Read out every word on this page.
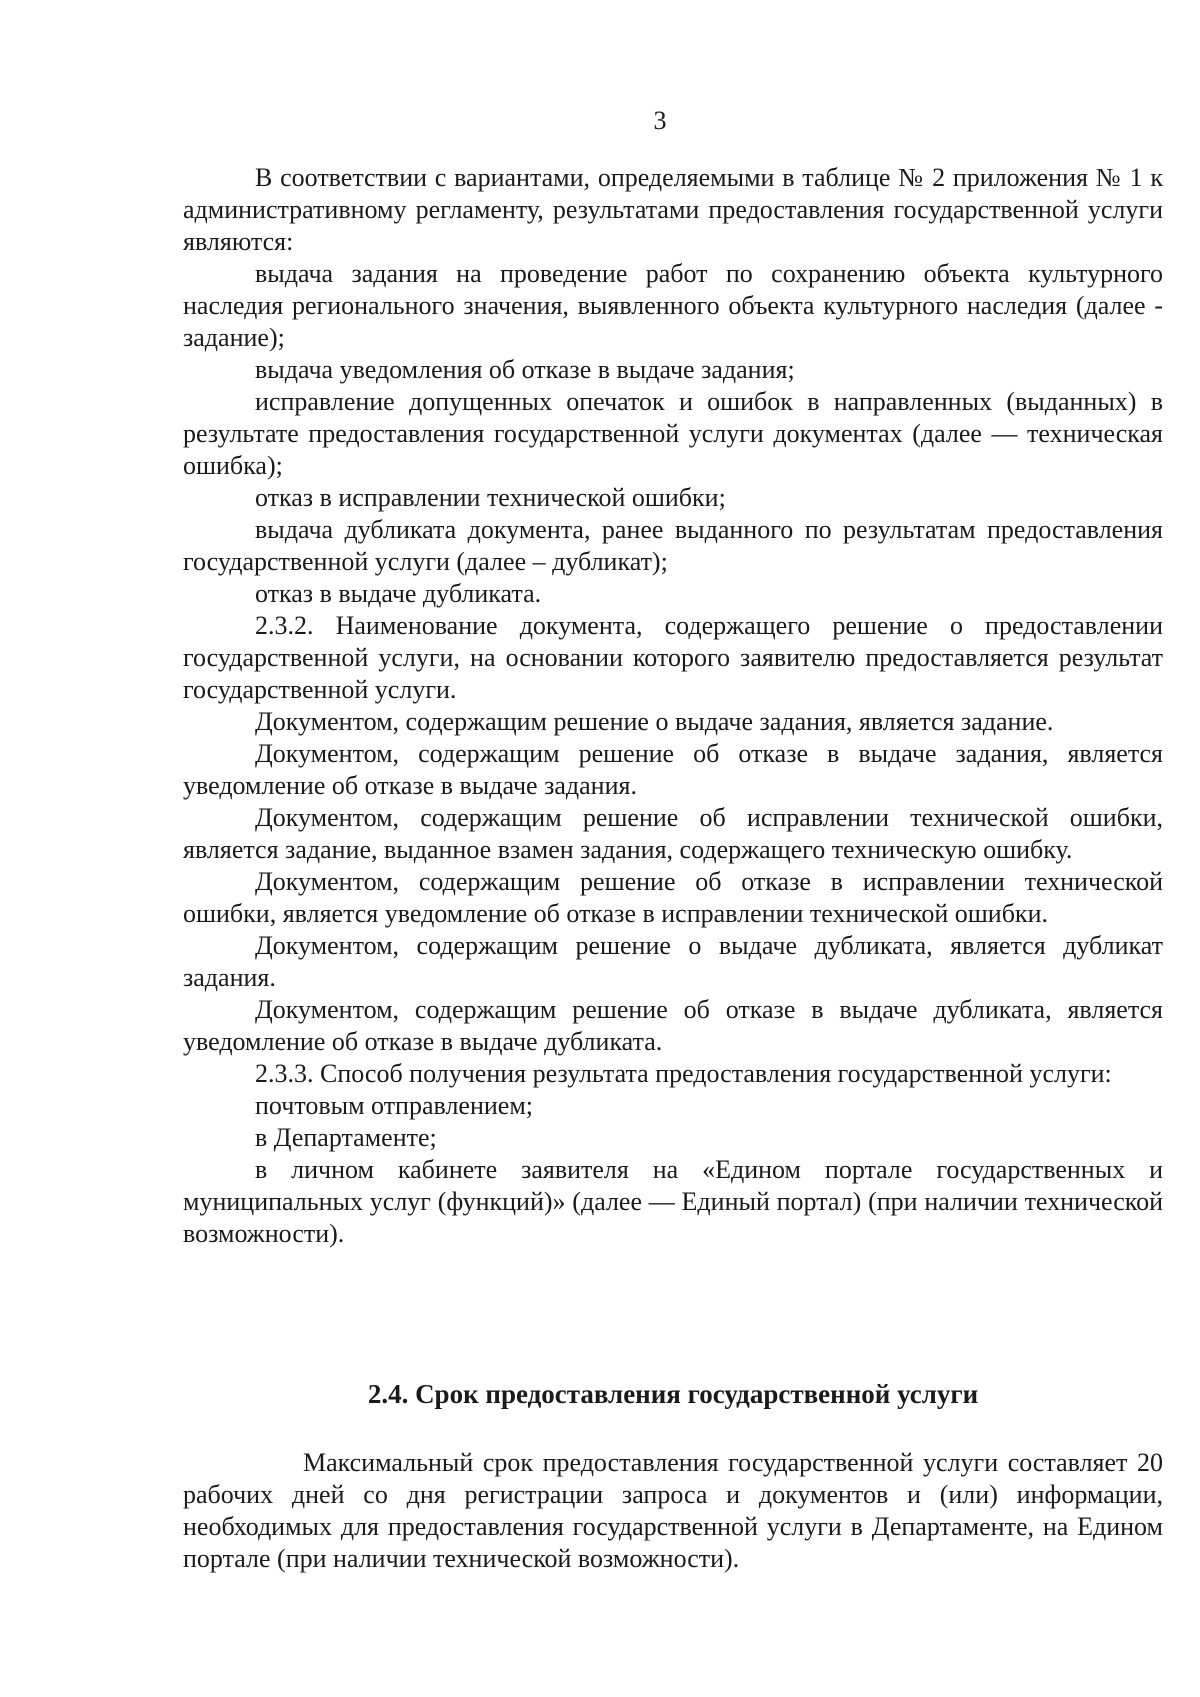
3

В соответствии с вариантами, определяемыми в таблице № 2 приложения № 1 к административному регламенту, результатами предоставления государственной услуги являются:

выдача задания на проведение работ по сохранению объекта культурного наследия регионального значения, выявленного объекта культурного наследия (далее - задание);

выдача уведомления об отказе в выдаче задания;

исправление допущенных опечаток и ошибок в направленных (выданных) в результате предоставления государственной услуги документах (далее — техническая ошибка);

отказ в исправлении технической ошибки;

выдача дубликата документа, ранее выданного по результатам предоставления государственной услуги (далее – дубликат);

отказ в выдаче дубликата.

2.3.2. Наименование документа, содержащего решение о предоставлении государственной услуги, на основании которого заявителю предоставляется результат государственной услуги.

Документом, содержащим решение о выдаче задания, является задание.

Документом, содержащим решение об отказе в выдаче задания, является уведомление об отказе в выдаче задания.

Документом, содержащим решение об исправлении технической ошибки, является задание, выданное взамен задания, содержащего техническую ошибку.

Документом, содержащим решение об отказе в исправлении технической ошибки, является уведомление об отказе в исправлении технической ошибки.

Документом, содержащим решение о выдаче дубликата, является дубликат задания.

Документом, содержащим решение об отказе в выдаче дубликата, является уведомление об отказе в выдаче дубликата.

2.3.3. Способ получения результата предоставления государственной услуги:

почтовым отправлением;

в Департаменте;

в личном кабинете заявителя на «Едином портале государственных и муниципальных услуг (функций)» (далее — Единый портал) (при наличии технической возможности).

2.4. Срок предоставления государственной услуги

Максимальный срок предоставления государственной услуги составляет 20 рабочих дней со дня регистрации запроса и документов и (или) информации, необходимых для предоставления государственной услуги в Департаменте, на Едином портале (при наличии технической возможности).
